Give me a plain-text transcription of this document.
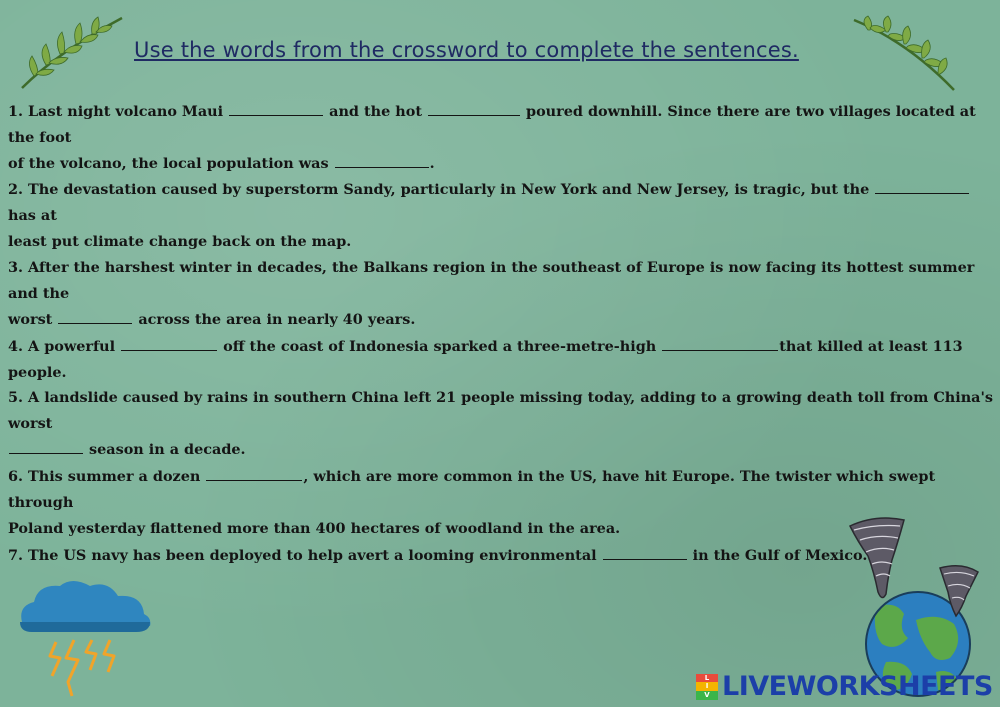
Use the words from the crossword to complete the sentences.
1. Last night volcano Maui	and the hot	poured downhill. Since there are two villages located at the foot
of the volcano, the local population was	.
2. The devastation caused by superstorm Sandy, particularly in New York and New Jersey, is tragic, but the  has at
least put climate change back on the map.
3. After the harshest winter in decades, the Balkans region in the southeast of Europe is now facing its hottest summer and the
worst	across the area in nearly 40 years.
4. A powerful	off the coast of Indonesia sparked a three-metre-high	that killed at least 113 people.
5. A landslide caused by rains in southern China left 21 people missing today, adding to a growing death toll from China's worst
season in a decade.
6. This summer a dozen	, which are more common in the US, have hit Europe. The twister which swept through
Poland yesterday flattened more than 400 hectares of woodland in the area.
7. The US navy has been deployed to help avert a looming environmental	in the Gulf of Mexico.
L
I
V LIVEWORKSHEETS
